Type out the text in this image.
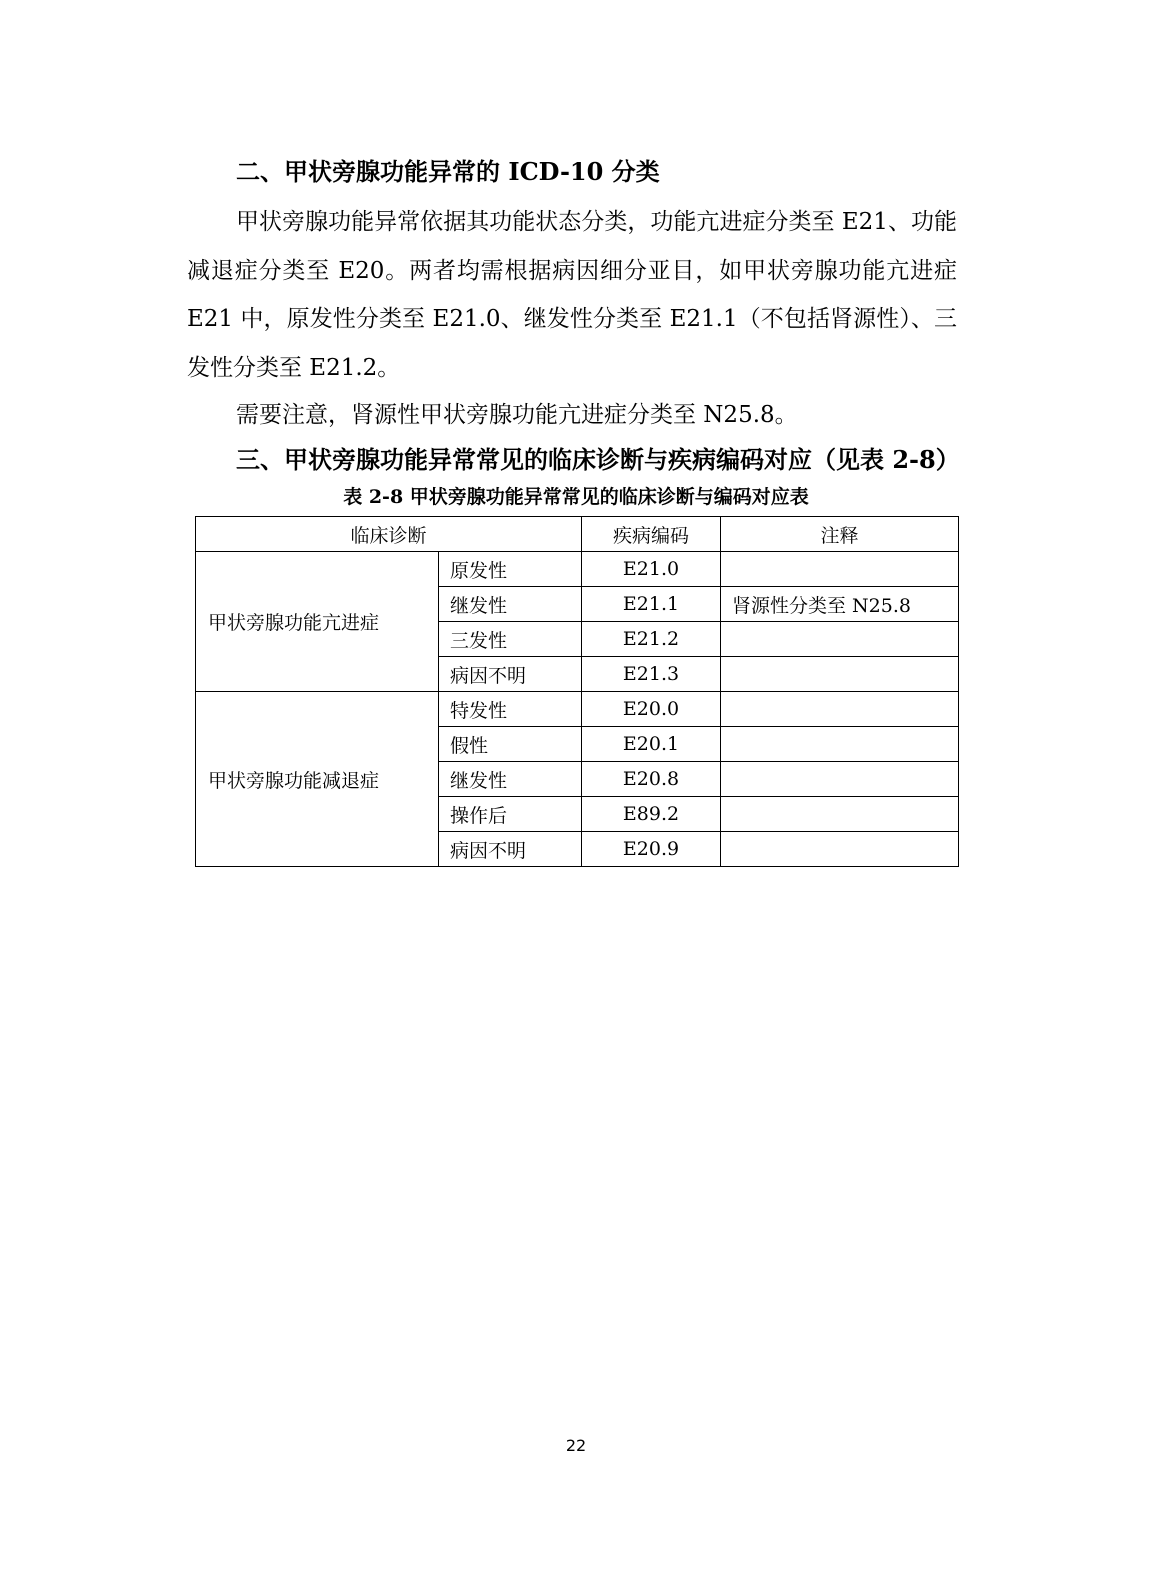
二、甲状旁腺功能异常的 ICD-10 分类
甲状旁腺功能异常依据其功能状态分类，功能亢进症分类至 E21、功能减退症分类至 E20。两者均需根据病因细分亚目，如甲状旁腺功能亢进症 E21 中，原发性分类至 E21.0、继发性分类至 E21.1（不包括肾源性）、三发性分类至 E21.2。
需要注意，肾源性甲状旁腺功能亢进症分类至 N25.8。
三、甲状旁腺功能异常常见的临床诊断与疾病编码对应（见表 2-8）
表 2-8 甲状旁腺功能异常常见的临床诊断与编码对应表
临床诊断		疾病编码	注释
甲状旁腺功能亢进症	原发性	E21.0	
	继发性	E21.1	肾源性分类至 N25.8
	三发性	E21.2	
	病因不明	E21.3	
甲状旁腺功能减退症	特发性	E20.0	
	假性	E20.1	
	继发性	E20.8	
	操作后	E89.2	
	病因不明	E20.9	
22
